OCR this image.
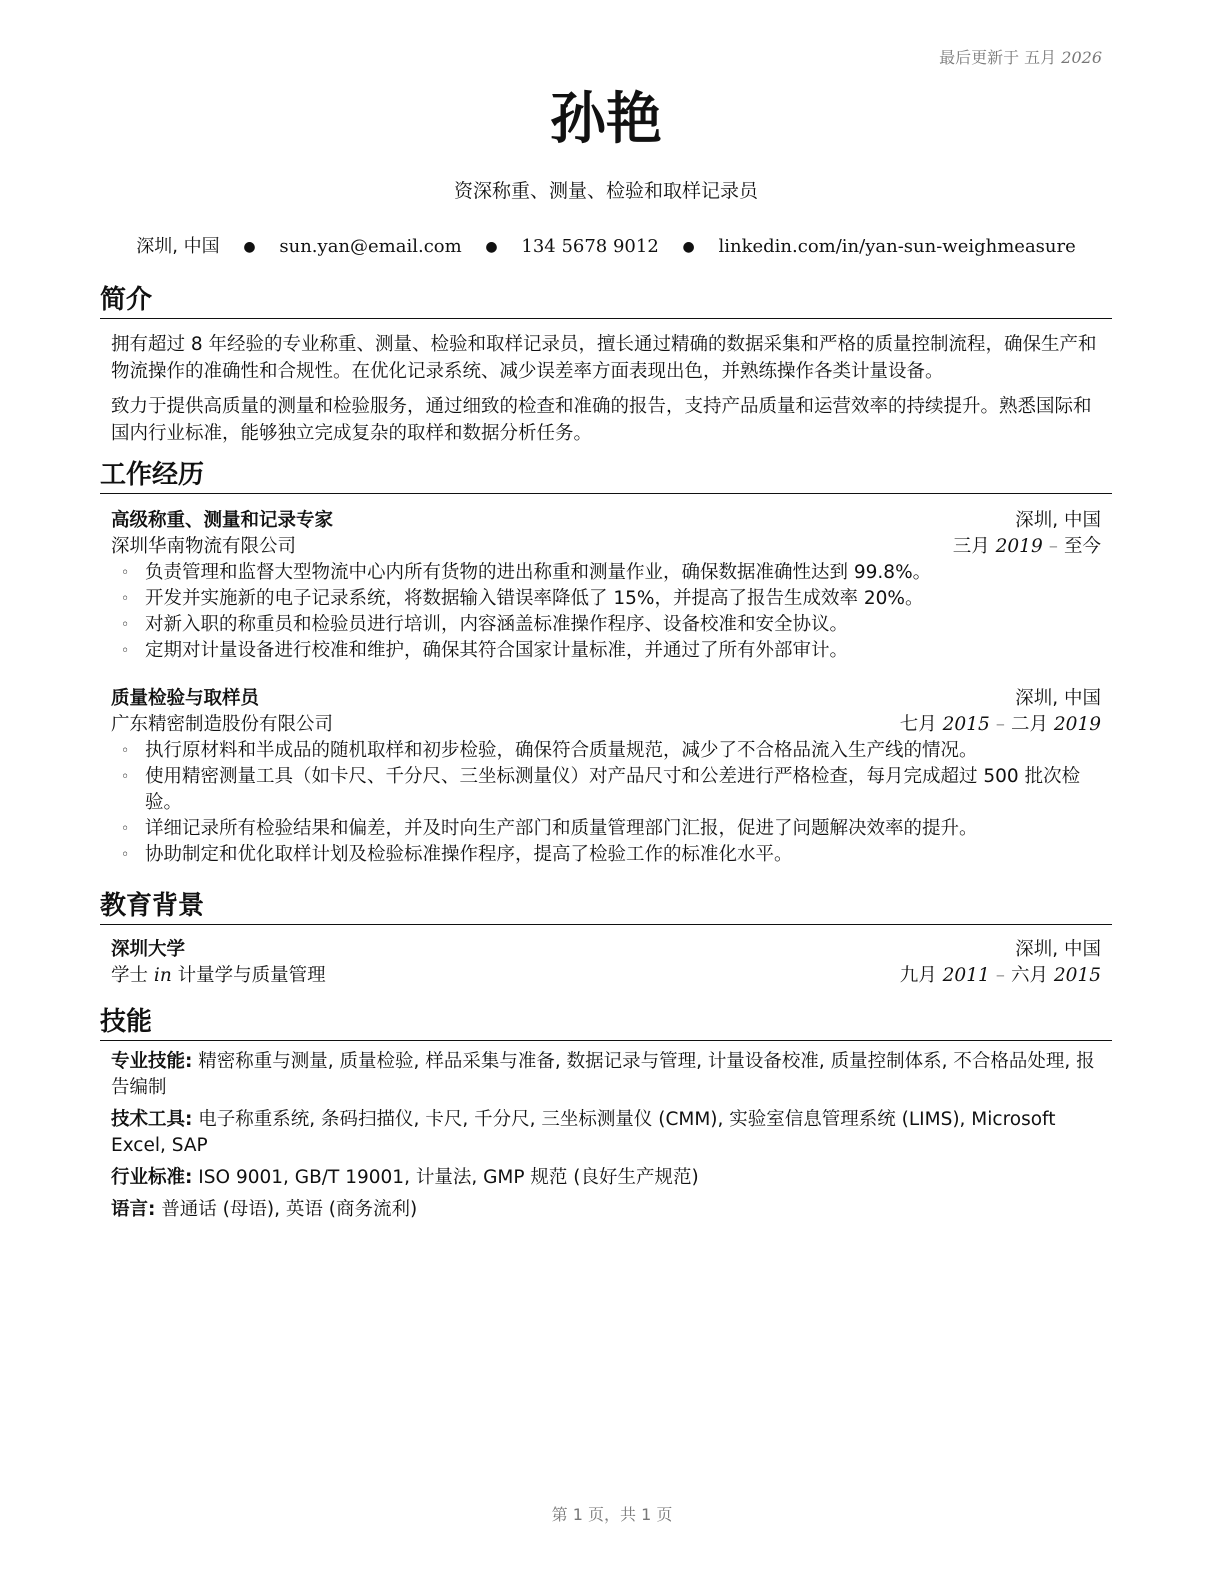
最后更新于 五月 2026
孙艳
资深称重、测量、检验和取样记录员
深圳, 中国 ● sun.yan@email.com ● 134 5678 9012 ● linkedin.com/in/yan-sun-weighmeasure
简介
拥有超过 8 年经验的专业称重、测量、检验和取样记录员，擅长通过精确的数据采集和严格的质量控制流程，确保生产和物流操作的准确性和合规性。在优化记录系统、减少误差率方面表现出色，并熟练操作各类计量设备。
致力于提供高质量的测量和检验服务，通过细致的检查和准确的报告，支持产品质量和运营效率的持续提升。熟悉国际和国内行业标准，能够独立完成复杂的取样和数据分析任务。
工作经历
高级称重、测量和记录专家	深圳, 中国
深圳华南物流有限公司	三月 2019 – 至今
◦ 负责管理和监督大型物流中心内所有货物的进出称重和测量作业，确保数据准确性达到 99.8%。
◦ 开发并实施新的电子记录系统，将数据输入错误率降低了 15%，并提高了报告生成效率 20%。
◦ 对新入职的称重员和检验员进行培训，内容涵盖标准操作程序、设备校准和安全协议。
◦ 定期对计量设备进行校准和维护，确保其符合国家计量标准，并通过了所有外部审计。
质量检验与取样员	深圳, 中国
广东精密制造股份有限公司	七月 2015 – 二月 2019
◦ 执行原材料和半成品的随机取样和初步检验，确保符合质量规范，减少了不合格品流入生产线的情况。
◦ 使用精密测量工具（如卡尺、千分尺、三坐标测量仪）对产品尺寸和公差进行严格检查，每月完成超过 500 批次检验。
◦ 详细记录所有检验结果和偏差，并及时向生产部门和质量管理部门汇报，促进了问题解决效率的提升。
◦ 协助制定和优化取样计划及检验标准操作程序，提高了检验工作的标准化水平。
教育背景
深圳大学	深圳, 中国
学士 in 计量学与质量管理	九月 2011 – 六月 2015
技能
专业技能: 精密称重与测量, 质量检验, 样品采集与准备, 数据记录与管理, 计量设备校准, 质量控制体系, 不合格品处理, 报告编制
技术工具: 电子称重系统, 条码扫描仪, 卡尺, 千分尺, 三坐标测量仪 (CMM), 实验室信息管理系统 (LIMS), Microsoft Excel, SAP
行业标准: ISO 9001, GB/T 19001, 计量法, GMP 规范 (良好生产规范)
语言: 普通话 (母语), 英语 (商务流利)
第 1 页，共 1 页
